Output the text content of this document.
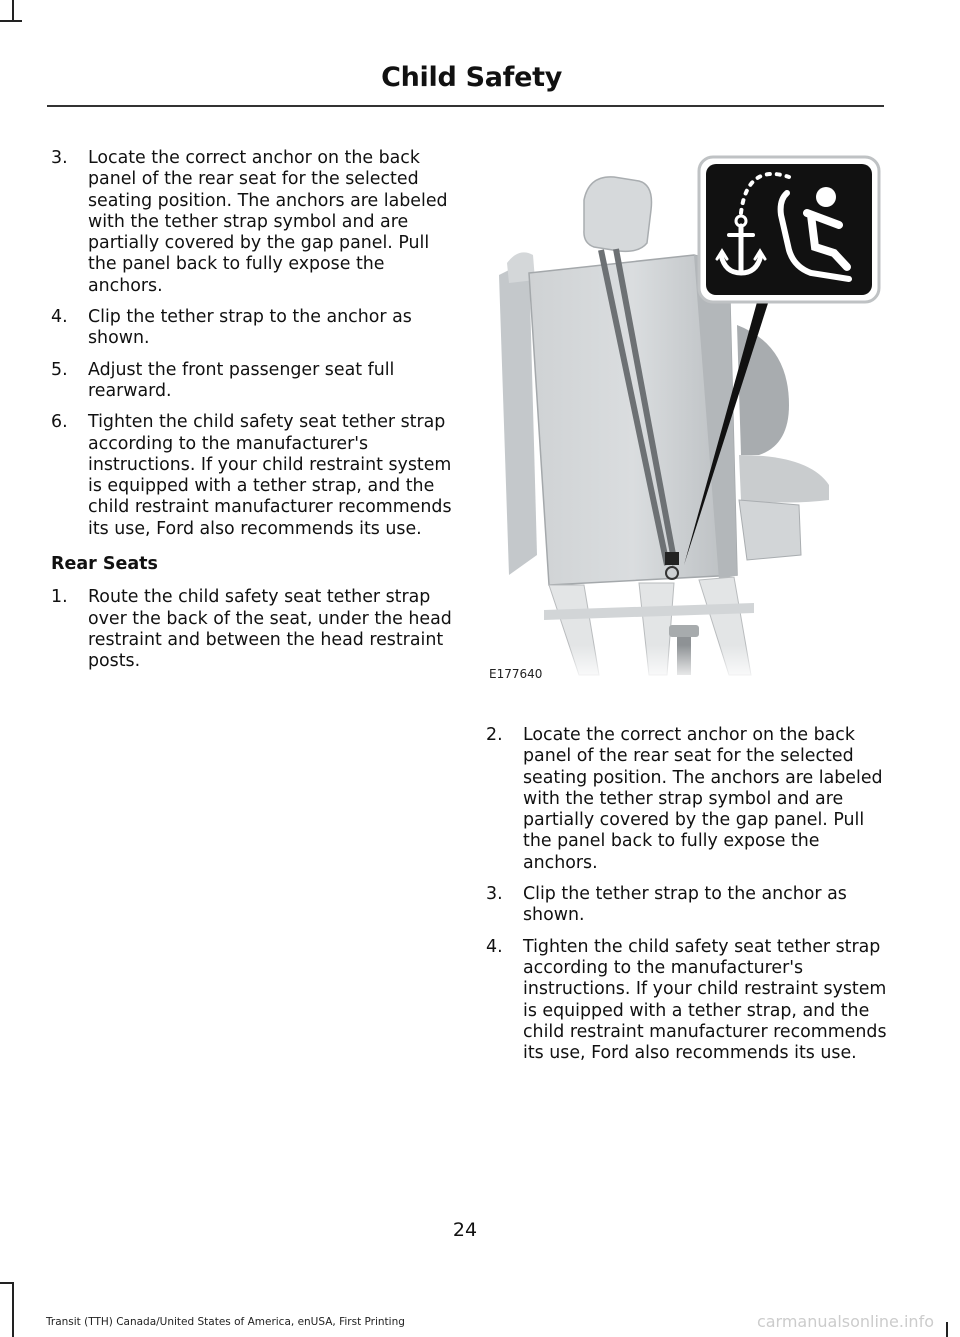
Child Safety
3. Locate the correct anchor on the back panel of the rear seat for the selected seating position. The anchors are labeled with the tether strap symbol and are partially covered by the gap panel. Pull the panel back to fully expose the anchors.
4. Clip the tether strap to the anchor as shown.
5. Adjust the front passenger seat full rearward.
6. Tighten the child safety seat tether strap according to the manufacturer's instructions. If your child restraint system is equipped with a tether strap, and the child restraint manufacturer recommends its use, Ford also recommends its use.
Rear Seats
1. Route the child safety seat tether strap over the back of the seat, under the head restraint and between the head restraint posts.
E177640
2. Locate the correct anchor on the back panel of the rear seat for the selected seating position. The anchors are labeled with the tether strap symbol and are partially covered by the gap panel. Pull the panel back to fully expose the anchors.
3. Clip the tether strap to the anchor as shown.
4. Tighten the child safety seat tether strap according to the manufacturer's instructions. If your child restraint system is equipped with a tether strap, and the child restraint manufacturer recommends its use, Ford also recommends its use.
24
Transit (TTH) Canada/United States of America, enUSA, First Printing	carmanualsonline.info
